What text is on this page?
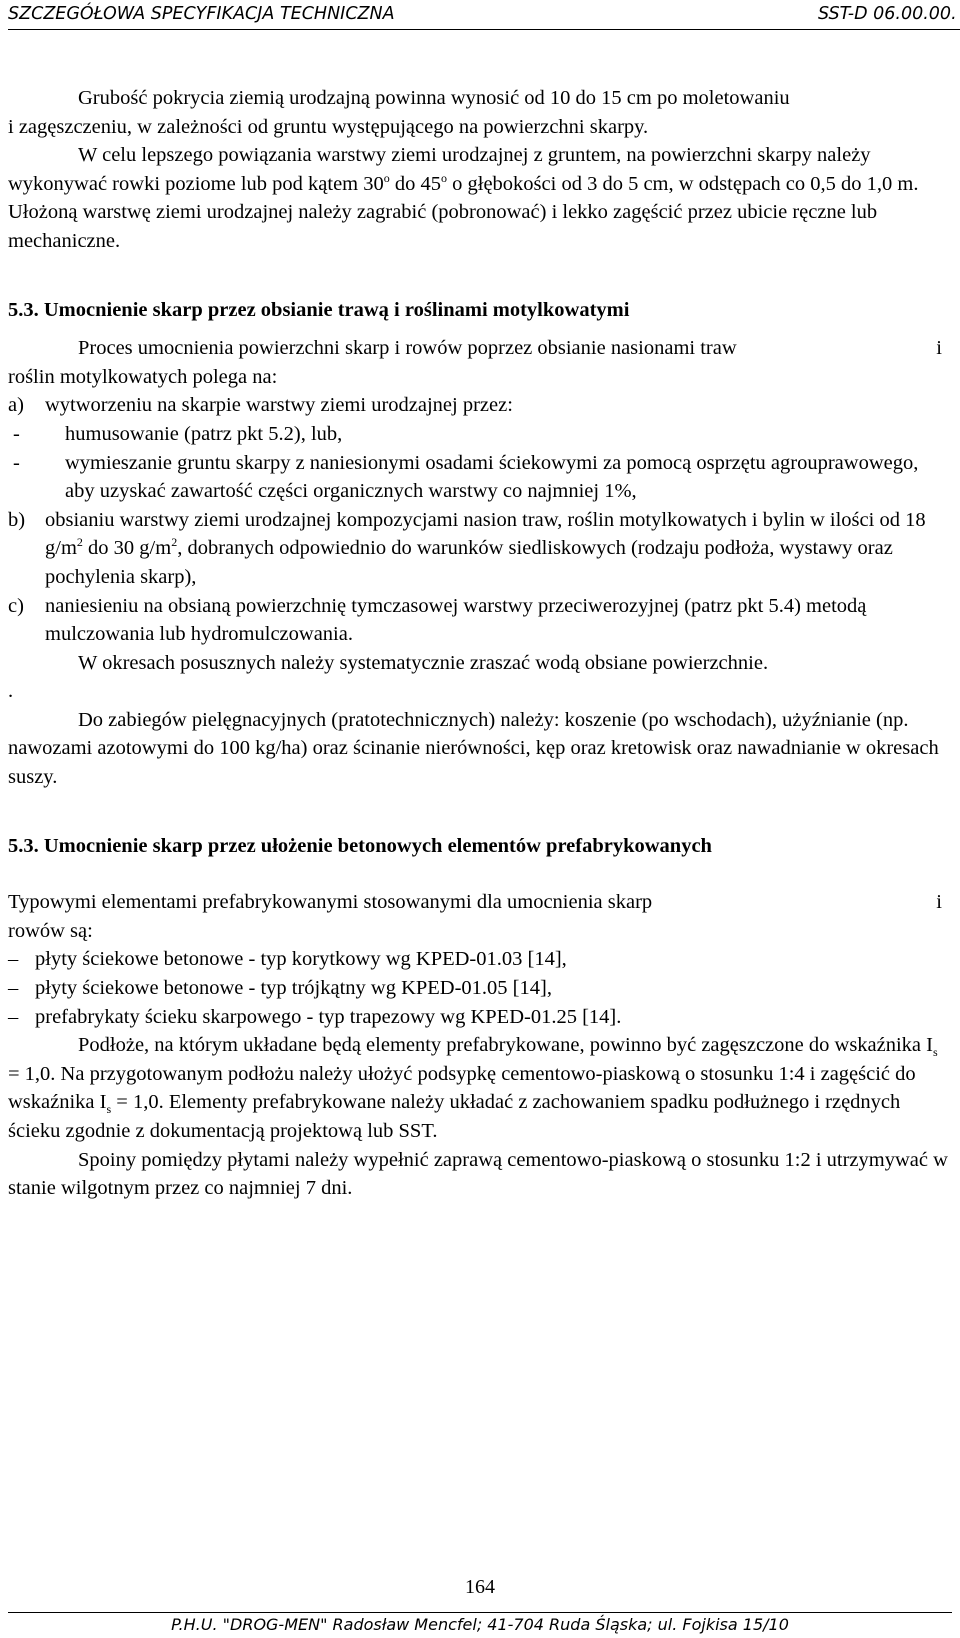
SZCZEGÓŁOWA SPECYFIKACJA TECHNICZNA	SST-D 06.00.00.

Grubość pokrycia ziemią urodzajną powinna wynosić od 10 do 15 cm po moletowaniu
i zagęszczeniu, w zależności od gruntu występującego na powierzchni skarpy.

W celu lepszego powiązania warstwy ziemi urodzajnej z gruntem, na powierzchni skarpy należy wykonywać rowki poziome lub pod kątem 30$^o$ do 45$^o$ o głębokości od 3 do 5 cm, w odstępach co 0,5 do 1,0 m. Ułożoną warstwę ziemi urodzajnej należy zagrabić (pobronować) i lekko zagęścić przez ubicie ręczne lub mechaniczne.

5.3. Umocnienie skarp przez obsianie trawą i roślinami motylkowatymi

Proces umocnienia powierzchni skarp i rowów poprzez obsianie nasionami traw	i

roślin motylkowatych polega na:

a)	wytworzeniu na skarpie warstwy ziemi urodzajnej przez:
-	humusowanie (patrz pkt 5.2), lub,
-	wymieszanie gruntu skarpy z naniesionymi osadami ściekowymi za pomocą osprzętu agrouprawowego, aby uzyskać zawartość części organicznych warstwy co najmniej 1%,
b) obsianiu warstwy ziemi urodzajnej kompozycjami nasion traw, roślin motylkowatych i bylin w ilości od 18 $g/m^2$ do 30 $g/m^2$, dobranych odpowiednio do warunków siedliskowych (rodzaju podłoża, wystawy oraz pochylenia skarp),
c)	naniesieniu na obsianą powierzchnię tymczasowej warstwy przeciwerozyjnej (patrz pkt 5.4) metodą mulczowania lub hydromulczowania.

W okresach posusznych należy systematycznie zraszać wodą obsiane powierzchnie.

.

Do zabiegów pielęgnacyjnych (pratotechnicznych) należy: koszenie (po wschodach), użyźnianie (np. nawozami azotowymi do 100 kg/ha) oraz ścinanie nierówności, kęp oraz kretowisk oraz nawadnianie w okresach suszy.

5.3. Umocnienie skarp przez ułożenie betonowych elementów prefabrykowanych

Typowymi elementami prefabrykowanymi stosowanymi dla umocnienia skarp	i

rowów są:

– płyty ściekowe betonowe - typ korytkowy wg KPED-01.03 [14],
– płyty ściekowe betonowe - typ trójkątny wg KPED-01.05 [14],
– prefabrykaty ścieku skarpowego - typ trapezowy wg KPED-01.25 [14].

Podłoże, na którym układane będą elementy prefabrykowane, powinno być zagęszczone do wskaźnika $I_s = 1,0$. Na przygotowanym podłożu należy ułożyć podsypkę cementowo-piaskową o stosunku 1:4 i zagęścić do wskaźnika $I_s = 1,0$. Elementy prefabrykowane należy układać z zachowaniem spadku podłużnego i rzędnych ścieku zgodnie z dokumentacją projektową lub SST.

Spoiny pomiędzy płytami należy wypełnić zaprawą cementowo-piaskową o stosunku 1:2 i utrzymywać w stanie wilgotnym przez co najmniej 7 dni.

164
P.H.U. "DROG-MEN" Radosław Mencfel; 41-704 Ruda Śląska; ul. Fojkisa 15/10
